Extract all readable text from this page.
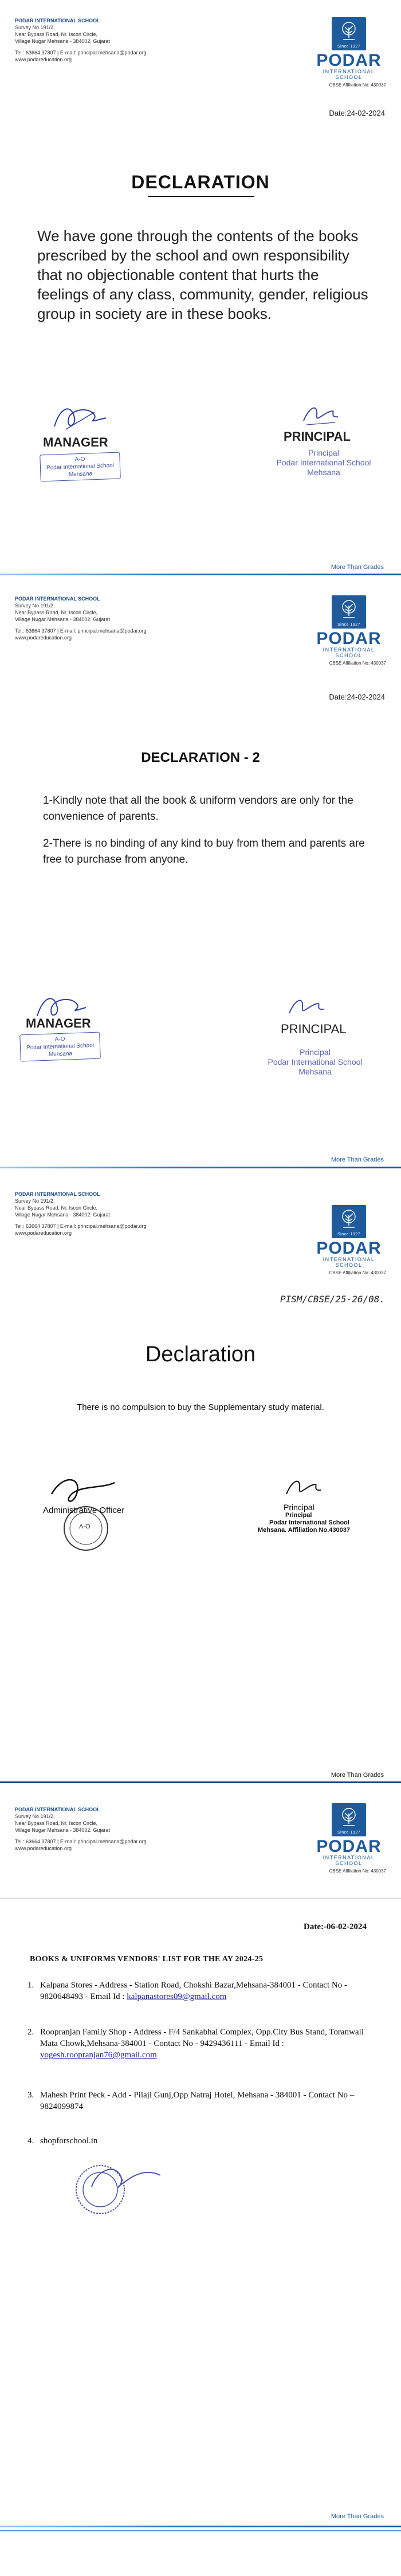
PODAR INTERNATIONAL SCHOOL
Survey No 191/2,
Near Bypass Road, Nr. Iscon Circle,
Village Nugar Mehsana - 384002. Gujarat
Tel.: 63664 37807 | E-mail: principal.mehsana@podar.org
www.podareducation.org
Since 1927
PODAR
INTERNATIONAL SCHOOL
CBSE Affiliation No: 430037
Date:24-02-2024
DECLARATION
We have gone through the contents of the books prescribed by the school and own responsibility that no objectionable content that hurts the feelings of any class, community, gender, religious group in society are in these books.
MANAGER
A-O
Podar International School
Mehsana
PRINCIPAL
Principal
Podar International School
Mehsana
More Than Grades
PODAR INTERNATIONAL SCHOOL
Survey No 191/2,
Near Bypass Road, Nr. Iscon Circle,
Village Nugar Mehsana - 384002. Gujarat
Tel.: 63664 37807 | E-mail: principal.mehsana@podar.org
www.podareducation.org
Since 1927
PODAR
INTERNATIONAL SCHOOL
CBSE Affiliation No: 430037
Date:24-02-2024
DECLARATION - 2
1-Kindly note that all the book & uniform vendors are only for the convenience of parents.
2-There is no binding of any kind to buy from them and parents are free to purchase from anyone.
MANAGER
A-O
Podar International School
Mehsana
PRINCIPAL
Principal
Podar International School
Mehsana
More Than Grades
PODAR INTERNATIONAL SCHOOL
Survey No 191/2,
Near Bypass Road, Nr. Iscon Circle,
Village Nugar Mehsana - 384002. Gujarat
Tel.: 63664 37807 | E-mail: principal.mehsana@podar.org
www.podareducation.org	Since 1927
PODAR
INTERNATIONAL SCHOOL
CBSE Affiliation No: 430037
PISM/CBSE/25-26/08.
Declaration
There is no compulsion to buy the Supplementary study material.
A-O
Administrative Officer	Principal
Principal
Podar International School
Mehsana. Affiliation No.430037
More Than Grades
PODAR INTERNATIONAL SCHOOL
Survey No 191/2,
Near Bypass Road, Nr. Iscon Circle,
Village Nugar Mehsana - 384002. Gujarat
Tel.: 63664 37807 | E-mail: principal.mehsana@podar.org
www.podareducation.org
Since 1927
PODAR
INTERNATIONAL SCHOOL
CBSE Affiliation No: 430037
Date:-06-02-2024
BOOKS & UNIFORMS VENDORS' LIST FOR THE AY 2024-25
1. Kalpana Stores - Address - Station Road, Chokshi Bazar,Mehsana-384001 - Contact No - 9820648493 - Email Id : kalpanastores09@gmail.com
2. Roopranjan Family Shop - Address - F/4 Sankabhai Complex, Opp.City Bus Stand, Toranwali Mata Chowk,Mehsana-384001 - Contact No - 9429436111 - Email Id : yogesh.roopranjan76@gmail.com
3. Mahesh Print Peck - Add - Pilaji Gunj,Opp Natraj Hotel, Mehsana - 384001 - Contact No – 9824099874
4. shopforschool.in
More Than Grades
